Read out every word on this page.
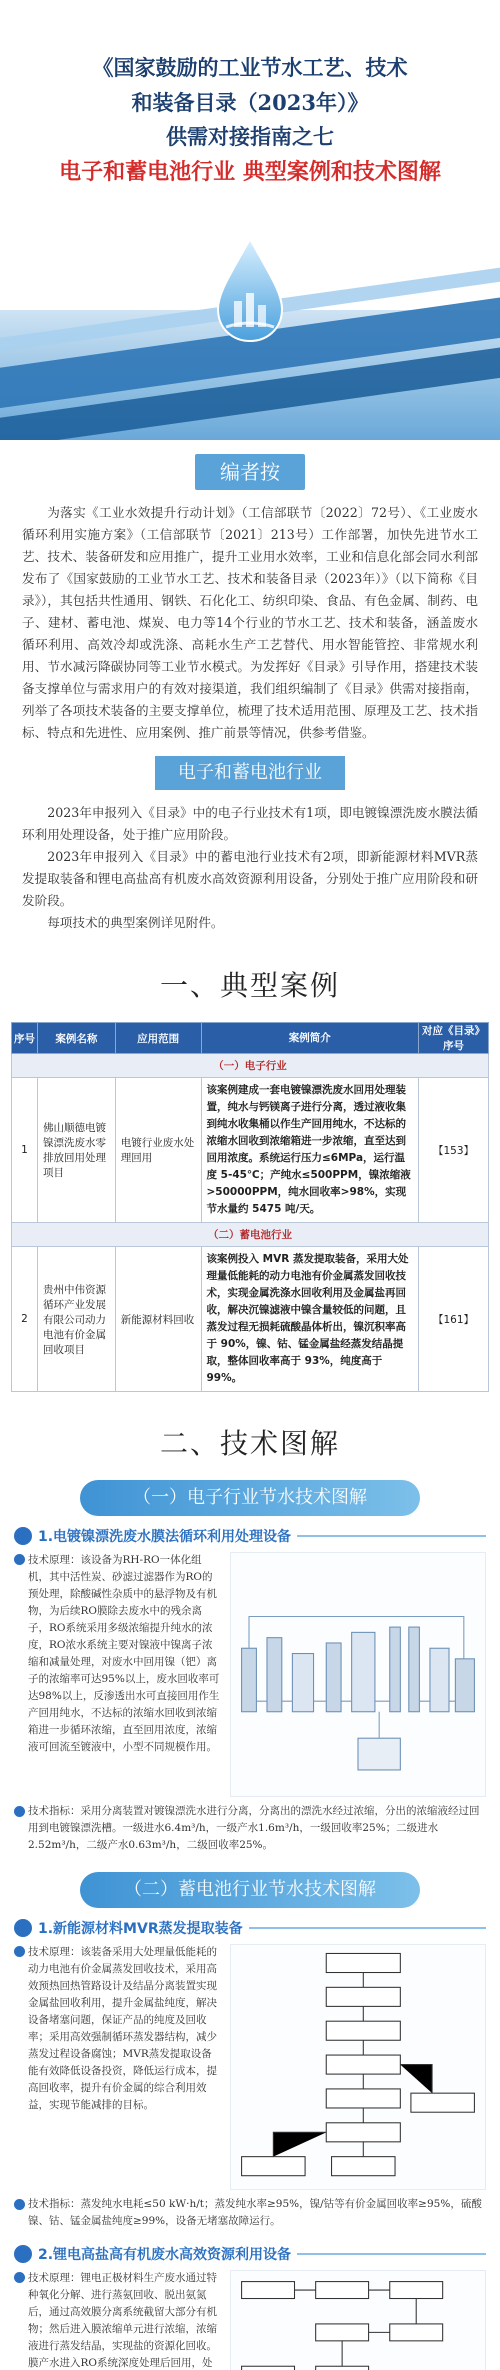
《国家鼓励的工业节水工艺、技术
和装备目录（2023年）》
供需对接指南之七
电子和蓄电池行业 典型案例和技术图解
编者按

为落实《工业水效提升行动计划》（工信部联节〔2022〕72号）、《工业废水循环利用实施方案》（工信部联节〔2021〕213号）工作部署，加快先进节水工艺、技术、装备研发和应用推广，提升工业用水效率，工业和信息化部会同水利部发布了《国家鼓励的工业节水工艺、技术和装备目录（2023年）》（以下简称《目录》），其包括共性通用、钢铁、石化化工、纺织印染、食品、有色金属、制药、电子、建材、蓄电池、煤炭、电力等14个行业的节水工艺、技术和装备，涵盖废水循环利用、高效冷却或洗涤、高耗水生产工艺替代、用水智能管控、非常规水利用、节水减污降碳协同等工业节水模式。为发挥好《目录》引导作用，搭建技术装备支撑单位与需求用户的有效对接渠道，我们组织编制了《目录》供需对接指南，列举了各项技术装备的主要支撑单位，梳理了技术适用范围、原理及工艺、技术指标、特点和先进性、应用案例、推广前景等情况，供参考借鉴。

电子和蓄电池行业

2023年申报列入《目录》中的电子行业技术有1项，即电镀镍漂洗废水膜法循环利用处理设备，处于推广应用阶段。

2023年申报列入《目录》中的蓄电池行业技术有2项，即新能源材料MVR蒸发提取装备和锂电高盐高有机废水高效资源利用设备，分别处于推广应用阶段和研发阶段。

每项技术的典型案例详见附件。

一、典型案例
序号	案例名称	应用范围	案例简介	对应《目录》序号
（一）电子行业				
1	佛山顺德电镀镍漂洗废水零排放回用处理项目	电镀行业废水处理回用	该案例建成一套电镀镍漂洗废水回用处理装置，纯水与钙镁离子进行分离，透过液收集到纯水收集桶以作生产回用纯水，不达标的浓缩水回收到浓缩箱进一步浓缩，直至达到回用浓度。系统运行压力≤6MPa，运行温度 5-45℃；产纯水≤500PPM，镍浓缩液>50000PPM，纯水回收率>98%，实现节水量约 5475 吨/天。	【153】
（二）蓄电池行业				
2	贵州中伟资源循环产业发展有限公司动力电池有价金属回收项目	新能源材料回收	该案例投入 MVR 蒸发提取装备，采用大处理量低能耗的动力电池有价金属蒸发回收技术，实现金属洗涤水回收利用及金属盐再回收，解决沉镍滤液中镍含量较低的问题，且蒸发过程无损耗硫酸晶体析出，镍沉积率高于 90%，镍、钴、锰金属盐经蒸发结晶提取，整体回收率高于 93%，纯度高于 99%。	【161】
二、技术图解
（一）电子行业节水技术图解
1.电镀镍漂洗废水膜法循环利用处理设备
技术原理：该设备为RH-RO一体化组机，其中活性炭、砂滤过滤器作为RO的预处理，除酸碱性杂质中的悬浮物及有机物，为后续RO膜除去废水中的残余离子，RO系统采用多级浓缩提升纯水的浓度，RO浓水系统主要对镍液中镍离子浓缩和减量处理，对废水中回用镍（钯）离子的浓缩率可达95%以上，废水回收率可达98%以上，反渗透出水可直接回用作生产回用纯水，不达标的浓缩水回收到浓缩箱进一步循环浓缩，直至回用浓度，浓缩液可回流至镀液中，小型不同规模作用。
技术指标：采用分离装置对镀镍漂洗水进行分离，分离出的漂洗水经过浓缩，分出的浓缩液经过回用到电镀镍漂洗槽。一级进水6.4m³/h，一级产水1.6m³/h，一级回收率25%；二级进水2.52m³/h，二级产水0.63m³/h，二级回收率25%。
（二）蓄电池行业节水技术图解
1.新能源材料MVR蒸发提取装备
技术原理：该装备采用大处理量低能耗的动力电池有价金属蒸发回收技术，采用高效预热回热管路设计及结晶分离装置实现金属盐回收利用，提升金属盐纯度，解决设备堵塞问题，保证产品的纯度及回收率；采用高效强制循环蒸发器结构，减少蒸发过程设备腐蚀；MVR蒸发提取设备能有效降低设备投资，降低运行成本，提高回收率，提升有价金属的综合利用效益，实现节能减排的目标。
技术指标：蒸发纯水电耗≤50 kW·h/t；蒸发纯水率≥95%，镍/钴等有价金属回收率≥95%，硫酸镍、钴、锰金属盐纯度≥99%，设备无堵塞故障运行。
2.锂电高盐高有机废水高效资源利用设备
技术原理：锂电正极材料生产废水通过特种氧化分解、进行蒸氨回收、脱出氨氮后，通过高效膜分离系统截留大部分有机物；然后进入膜浓缩单元进行浓缩，浓缩液进行蒸发结晶，实现盐的资源化回收。膜产水进入RO系统深度处理后回用，处
